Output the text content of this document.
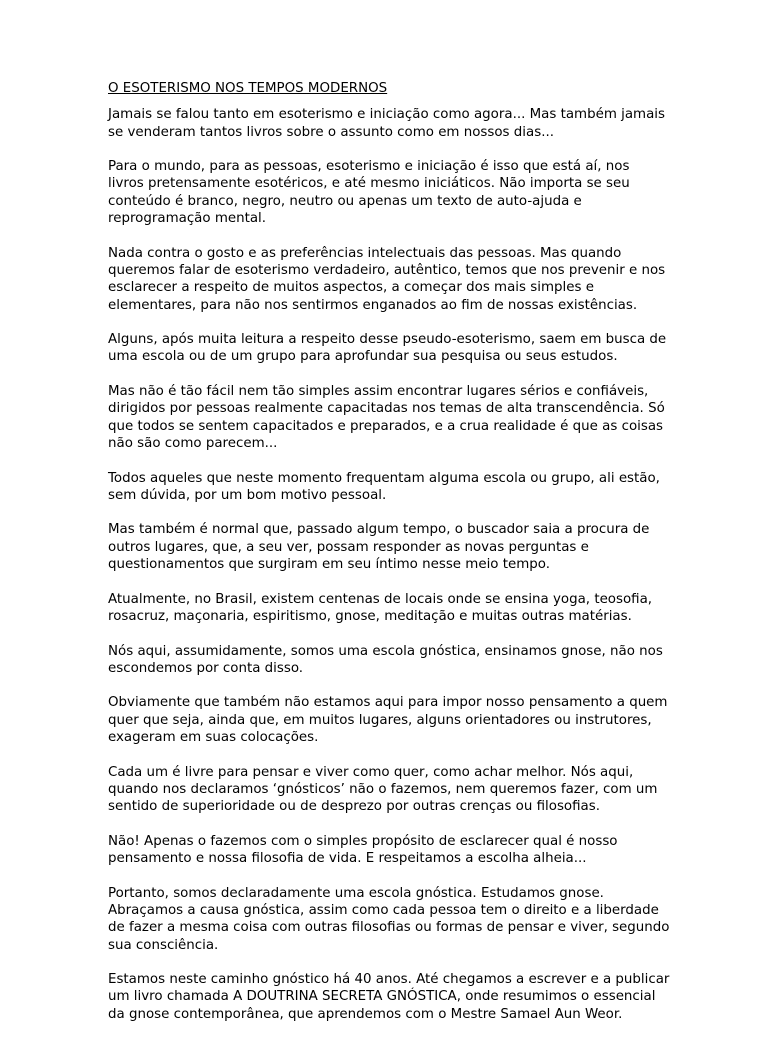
O ESOTERISMO NOS TEMPOS MODERNOS
Jamais se falou tanto em esoterismo e iniciação como agora... Mas também jamais
se venderam tantos livros sobre o assunto como em nossos dias...
Para o mundo, para as pessoas, esoterismo e iniciação é isso que está aí, nos
livros pretensamente esotéricos, e até mesmo iniciáticos. Não importa se seu
conteúdo é branco, negro, neutro ou apenas um texto de auto-ajuda e
reprogramação mental.
Nada contra o gosto e as preferências intelectuais das pessoas. Mas quando
queremos falar de esoterismo verdadeiro, autêntico, temos que nos prevenir e nos
esclarecer a respeito de muitos aspectos, a começar dos mais simples e
elementares, para não nos sentirmos enganados ao fim de nossas existências.
Alguns, após muita leitura a respeito desse pseudo-esoterismo, saem em busca de
uma escola ou de um grupo para aprofundar sua pesquisa ou seus estudos.
Mas não é tão fácil nem tão simples assim encontrar lugares sérios e confiáveis,
dirigidos por pessoas realmente capacitadas nos temas de alta transcendência. Só
que todos se sentem capacitados e preparados, e a crua realidade é que as coisas
não são como parecem...
Todos aqueles que neste momento frequentam alguma escola ou grupo, ali estão,
sem dúvida, por um bom motivo pessoal.
Mas também é normal que, passado algum tempo, o buscador saia a procura de
outros lugares, que, a seu ver, possam responder as novas perguntas e
questionamentos que surgiram em seu íntimo nesse meio tempo.
Atualmente, no Brasil, existem centenas de locais onde se ensina yoga, teosofia,
rosacruz, maçonaria, espiritismo, gnose, meditação e muitas outras matérias.
Nós aqui, assumidamente, somos uma escola gnóstica, ensinamos gnose, não nos
escondemos por conta disso.
Obviamente que também não estamos aqui para impor nosso pensamento a quem
quer que seja, ainda que, em muitos lugares, alguns orientadores ou instrutores,
exageram em suas colocações.
Cada um é livre para pensar e viver como quer, como achar melhor. Nós aqui,
quando nos declaramos ‘gnósticos’ não o fazemos, nem queremos fazer, com um
sentido de superioridade ou de desprezo por outras crenças ou filosofias.
Não! Apenas o fazemos com o simples propósito de esclarecer qual é nosso
pensamento e nossa filosofia de vida. E respeitamos a escolha alheia...
Portanto, somos declaradamente uma escola gnóstica. Estudamos gnose.
Abraçamos a causa gnóstica, assim como cada pessoa tem o direito e a liberdade
de fazer a mesma coisa com outras filosofias ou formas de pensar e viver, segundo
sua consciência.
Estamos neste caminho gnóstico há 40 anos. Até chegamos a escrever e a publicar
um livro chamada A DOUTRINA SECRETA GNÓSTICA, onde resumimos o essencial
da gnose contemporânea, que aprendemos com o Mestre Samael Aun Weor.
